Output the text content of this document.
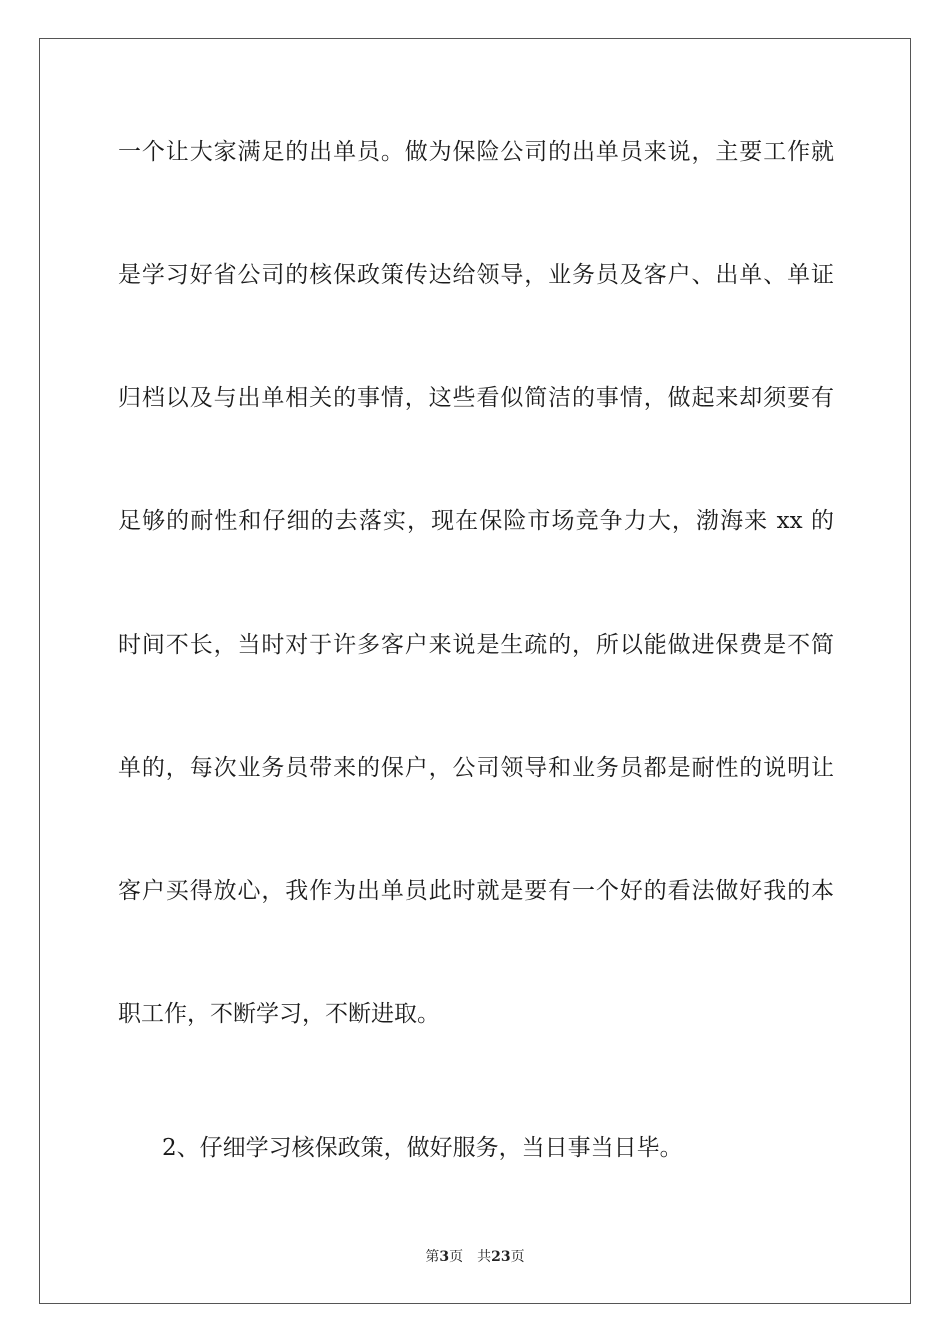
一个让大家满足的出单员。做为保险公司的出单员来说，主要工作就
是学习好省公司的核保政策传达给领导，业务员及客户、出单、单证
归档以及与出单相关的事情，这些看似简洁的事情，做起来却须要有
足够的耐性和仔细的去落实，现在保险市场竞争力大，渤海来 xx 的
时间不长，当时对于许多客户来说是生疏的，所以能做进保费是不简
单的，每次业务员带来的保户，公司领导和业务员都是耐性的说明让
客户买得放心，我作为出单员此时就是要有一个好的看法做好我的本
职工作，不断学习，不断进取。
2、仔细学习核保政策，做好服务，当日事当日毕。
第3页 共23页
